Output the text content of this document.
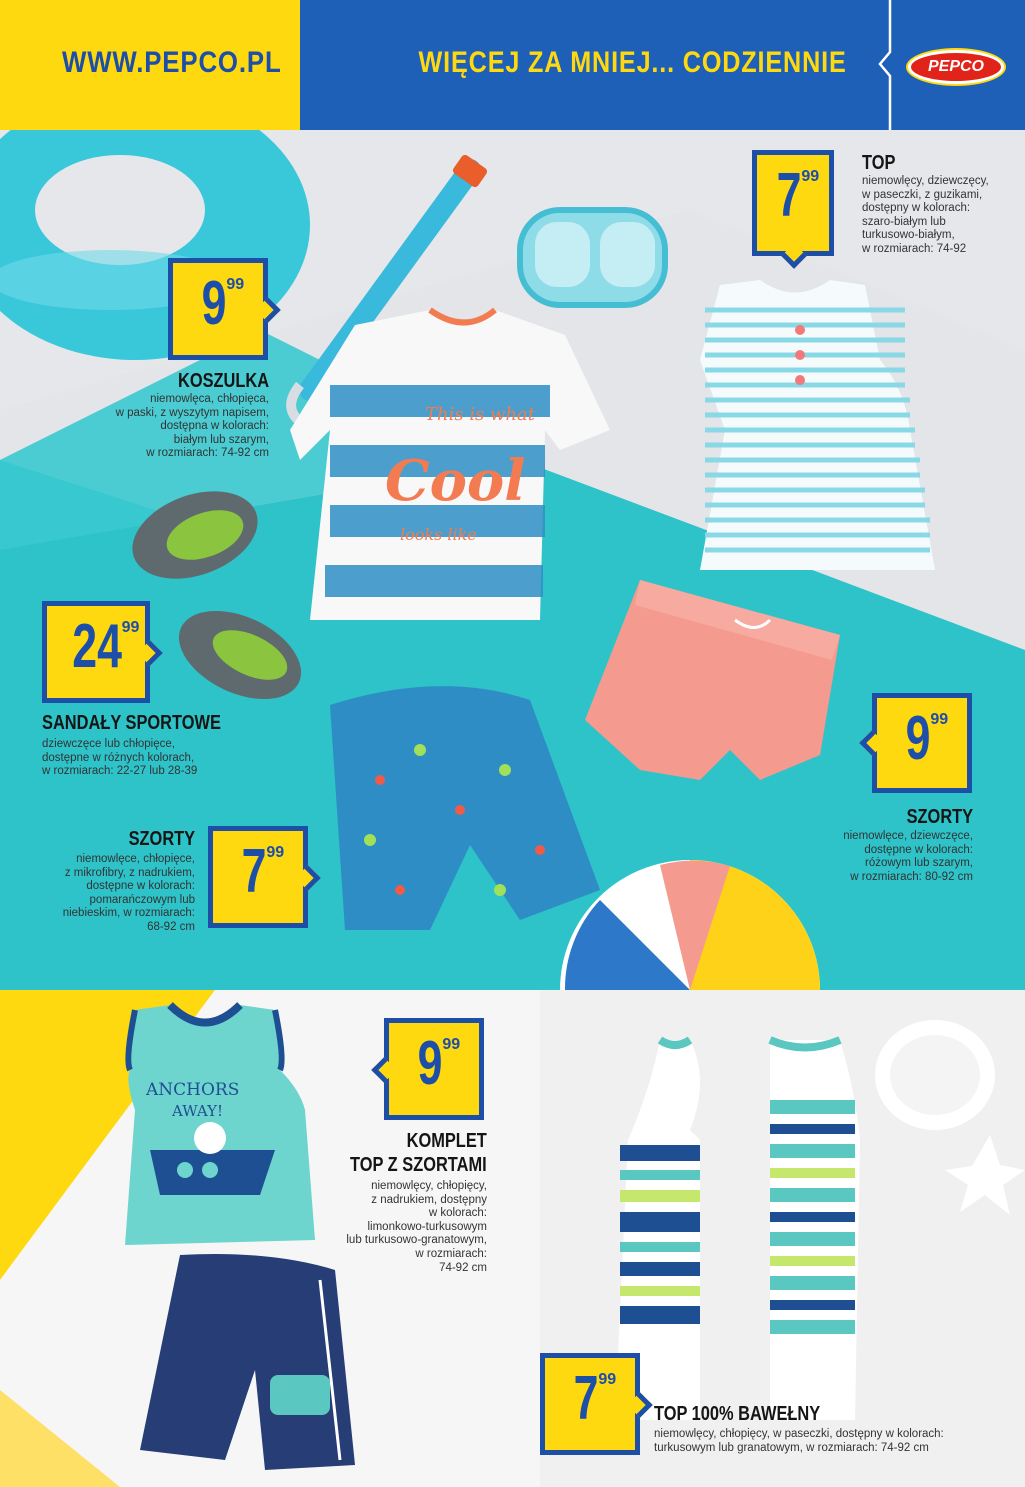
WWW.PEPCO.PL	WIĘCEJ ZA MNIEJ... CODZIENNIE	PEPCO
This is what
Cool
looks like
ANCHORS
AWAY!
7 99
TOP
niemowlęcy, dziewczęcy,
w paseczki, z guzikami,
dostępny w kolorach:
szaro-białym lub
turkusowo-białym,
w rozmiarach: 74-92
9 99
KOSZULKA
niemowlęca, chłopięca,
w paski, z wyszytym napisem,
dostępna w kolorach:
białym lub szarym,
w rozmiarach: 74-92 cm
24 99
SANDAŁY SPORTOWE
dziewczęce lub chłopięce,
dostępne w różnych kolorach,
w rozmiarach: 22-27 lub 28-39	9 99
SZORTY
niemowlęce, dziewczęce,
dostępne w kolorach:
różowym lub szarym,
w rozmiarach: 80-92 cm
7 99
SZORTY
niemowlęce, chłopięce,
z mikrofibry, z nadrukiem,
dostępne w kolorach:
pomarańczowym lub
niebieskim, w rozmiarach:
68-92 cm
9 99
KOMPLET
TOP Z SZORTAMI
niemowlęcy, chłopięcy,
z nadrukiem, dostępny
w kolorach:
limonkowo-turkusowym
lub turkusowo-granatowym,
w rozmiarach:
74-92 cm
7 99
TOP 100% BAWEŁNY
niemowlęcy, chłopięcy, w paseczki, dostępny w kolorach:
turkusowym lub granatowym, w rozmiarach: 74-92 cm
